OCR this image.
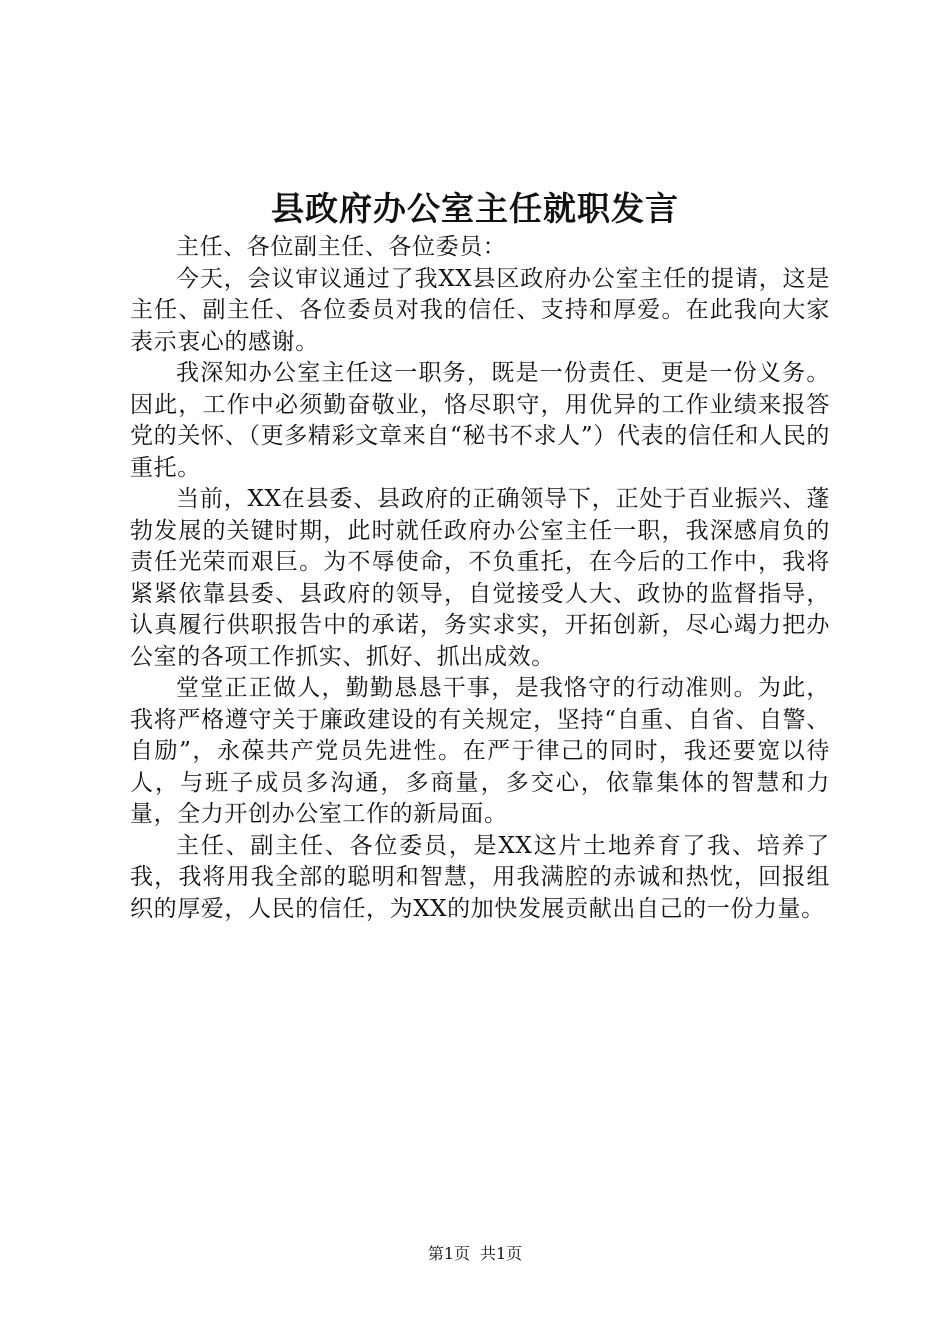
县政府办公室主任就职发言

主任、各位副主任、各位委员：

今天，会议审议通过了我XX县区政府办公室主任的提请，这是主任、副主任、各位委员对我的信任、支持和厚爱。在此我向大家表示衷心的感谢。

我深知办公室主任这一职务，既是一份责任、更是一份义务。因此，工作中必须勤奋敬业，恪尽职守，用优异的工作业绩来报答党的关怀、（更多精彩文章来自“秘书不求人”）代表的信任和人民的重托。

当前，XX在县委、县政府的正确领导下，正处于百业振兴、蓬勃发展的关键时期，此时就任政府办公室主任一职，我深感肩负的责任光荣而艰巨。为不辱使命，不负重托，在今后的工作中，我将紧紧依靠县委、县政府的领导，自觉接受人大、政协的监督指导，认真履行供职报告中的承诺，务实求实，开拓创新，尽心竭力把办公室的各项工作抓实、抓好、抓出成效。

堂堂正正做人，勤勤恳恳干事，是我恪守的行动准则。为此，我将严格遵守关于廉政建设的有关规定，坚持“自重、自省、自警、自励”，永葆共产党员先进性。在严于律己的同时，我还要宽以待人，与班子成员多沟通，多商量，多交心，依靠集体的智慧和力量，全力开创办公室工作的新局面。

主任、副主任、各位委员，是XX这片土地养育了我、培养了我，我将用我全部的聪明和智慧，用我满腔的赤诚和热忱，回报组织的厚爱，人民的信任，为XX的加快发展贡献出自己的一份力量。

第1页 共1页
